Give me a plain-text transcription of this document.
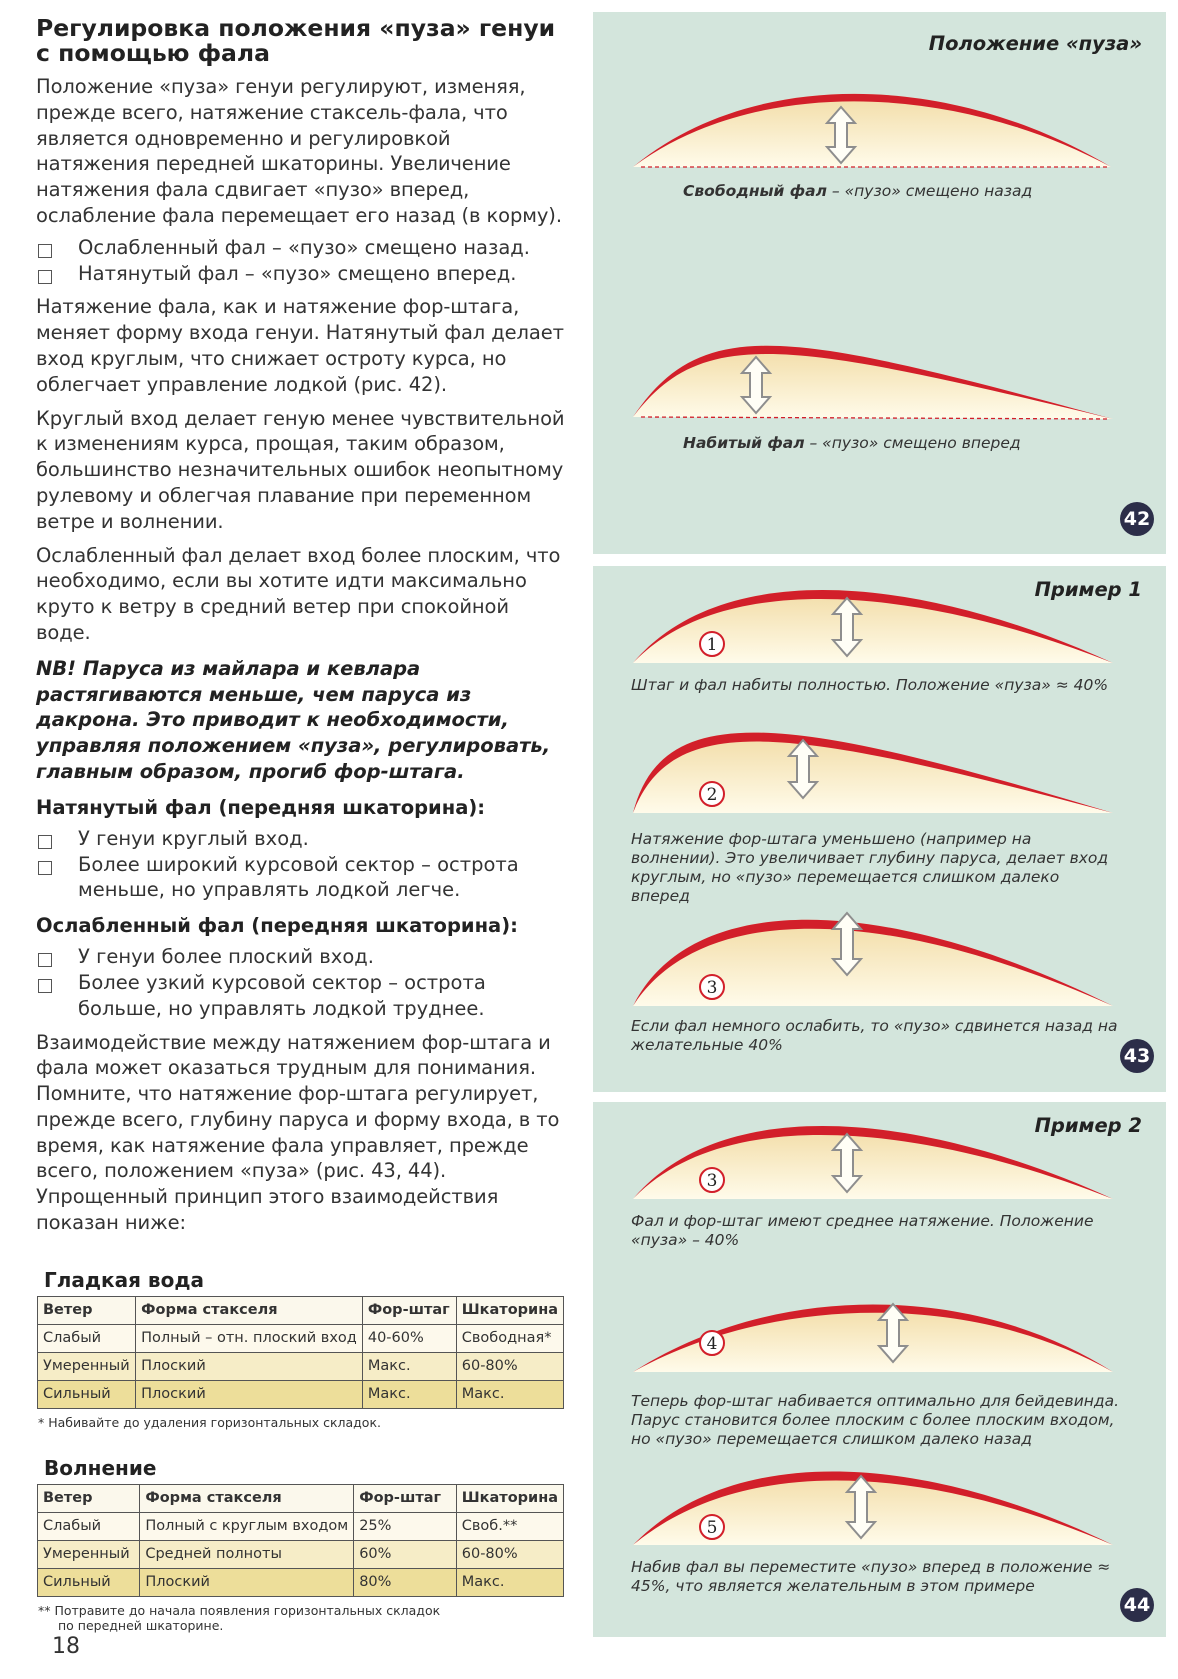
Регулировка положения «пуза» генуи
с помощью фала

Положение «пуза» генуи регулируют, изменяя, прежде всего, натяжение стаксель-фала, что является одновременно и регулировкой натяжения передней шкаторины. Увеличение натяжения фала сдвигает «пузо» вперед, ослабление фала перемещает его назад (в корму).

Ослабленный фал – «пузо» смещено назад.
Натянутый фал – «пузо» смещено вперед.

Натяжение фала, как и натяжение фор-штага, меняет форму входа генуи. Натянутый фал делает вход круглым, что снижает остроту курса, но облегчает управление лодкой (рис. 42).

Круглый вход делает геную менее чувствительной к изменениям курса, прощая, таким образом, большинство незначительных ошибок неопытному рулевому и облегчая плавание при переменном ветре и волнении.

Ослабленный фал делает вход более плоским, что необходимо, если вы хотите идти максимально круто к ветру в средний ветер при спокойной воде.

NB! Паруса из майлара и кевлара растягиваются меньше, чем паруса из дакрона. Это приводит к необходимости, управляя положением «пуза», регулировать, главным образом, прогиб фор-штага.

Натянутый фал (передняя шкаторина):
У генуи круглый вход.
Более широкий курсовой сектор – острота меньше, но управлять лодкой легче.
Ослабленный фал (передняя шкаторина):
У генуи более плоский вход.
Более узкий курсовой сектор – острота больше, но управлять лодкой труднее.

Взаимодействие между натяжением фор-штага и фала может оказаться трудным для понимания. Помните, что натяжение фор-штага регулирует, прежде всего, глубину паруса и форму входа, в то время, как натяжение фала управляет, прежде всего, положением «пуза» (рис. 43, 44). Упрощенный принцип этого взаимодействия показан ниже:

Гладкая вода
Ветер	Форма стакселя	Фор-штаг	Шкаторина
Слабый	Полный – отн. плоский вход	40-60%	Свободная*
Умеренный	Плоский	Макс.	60-80%
Сильный	Плоский	Макс.	Макс.
* Набивайте до удаления горизонтальных складок.
Волнение
Ветер	Форма стакселя	Фор-штаг	Шкаторина
Слабый	Полный с круглым входом	25%	Своб.**
Умеренный	Средней полноты	60%	60-80%
Сильный	Плоский	80%	Макс.
** Потравите до начала появления горизонтальных складок
по передней шкаторине.
18
Положение «пуза»
Свободный фал – «пузо» смещено назад
Набитый фал – «пузо» смещено вперед
42
1
2
3
Пример 1
Штаг и фал набиты полностью. Положение «пуза» ≈ 40%
Натяжение фор-штага уменьшено (например на волнении). Это увеличивает глубину паруса, делает вход круглым, но «пузо» перемещается слишком далеко вперед
Если фал немного ослабить, то «пузо» сдвинется назад на желательные 40%	43
3
4
5
Пример 2
Фал и фор-штаг имеют среднее натяжение. Положение «пуза» – 40%
Теперь фор-штаг набивается оптимально для бейдевинда. Парус становится более плоским с более плоским входом, но «пузо» перемещается слишком далеко назад
Набив фал вы переместите «пузо» вперед в положение ≈ 45%, что является желательным в этом примере
44
